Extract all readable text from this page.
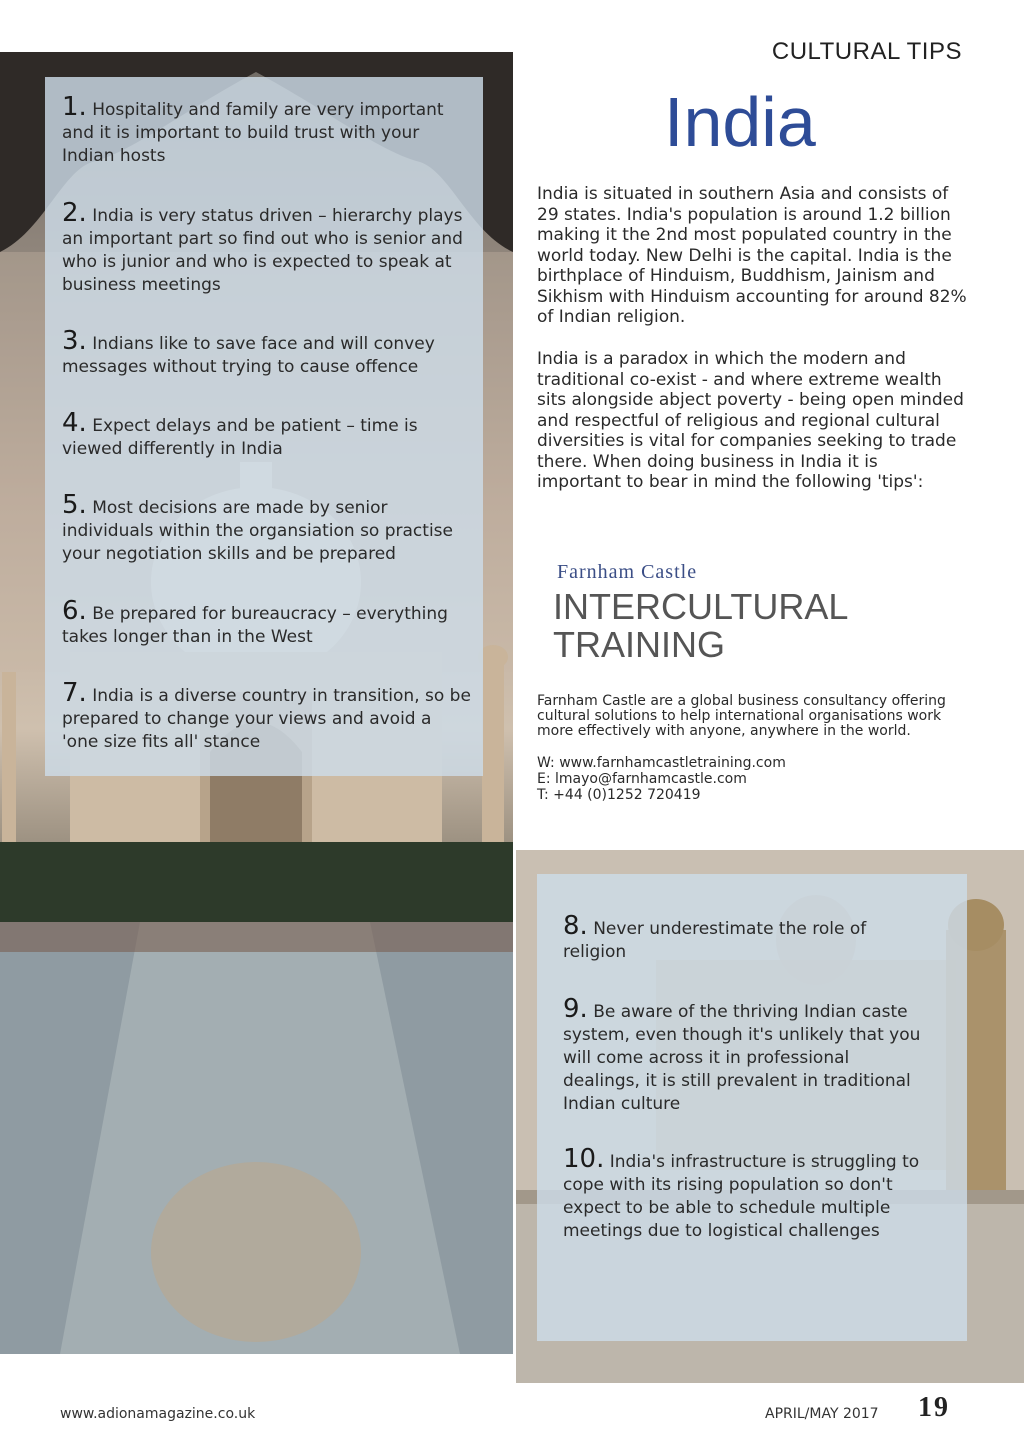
1. Hospitality and family are very important and it is important to build trust with your Indian hosts
2. India is very status driven – hierarchy plays an important part so find out who is senior and who is junior and who is expected to speak at business meetings
3. Indians like to save face and will convey messages without trying to cause offence
4. Expect delays and be patient – time is viewed differently in India
5. Most decisions are made by senior individuals within the organsiation so practise your negotiation skills and be prepared
6. Be prepared for bureaucracy – everything takes longer than in the West
7. India is a diverse country in transition, so be prepared to change your views and avoid a 'one size fits all' stance
8. Never underestimate the role of religion
9. Be aware of the thriving Indian caste system, even though it's unlikely that you will come across it in professional dealings, it is still prevalent in traditional Indian culture
10. India's infrastructure is struggling to cope with its rising population so don't expect to be able to schedule multiple meetings due to logistical challenges
CULTURAL TIPS
India
India is situated in southern Asia and consists of 29 states. India's population is around 1.2 billion making it the 2nd most populated country in the world today. New Delhi is the capital. India is the birthplace of Hinduism, Buddhism, Jainism and Sikhism with Hinduism accounting for around 82% of Indian religion.
India is a paradox in which the modern and traditional co-exist - and where extreme wealth sits alongside abject poverty - being open minded and respectful of religious and regional cultural diversities is vital for companies seeking to trade there. When doing business in India it is important to bear in mind the following 'tips':
Farnham Castle
INTERCULTURAL
TRAINING
Farnham Castle are a global business consultancy offering cultural solutions to help international organisations work more effectively with anyone, anywhere in the world.
W: www.farnhamcastletraining.com
E: lmayo@farnhamcastle.com
T: +44 (0)1252 720419
www.adionamagazine.co.uk	APRIL/MAY 2017 19
